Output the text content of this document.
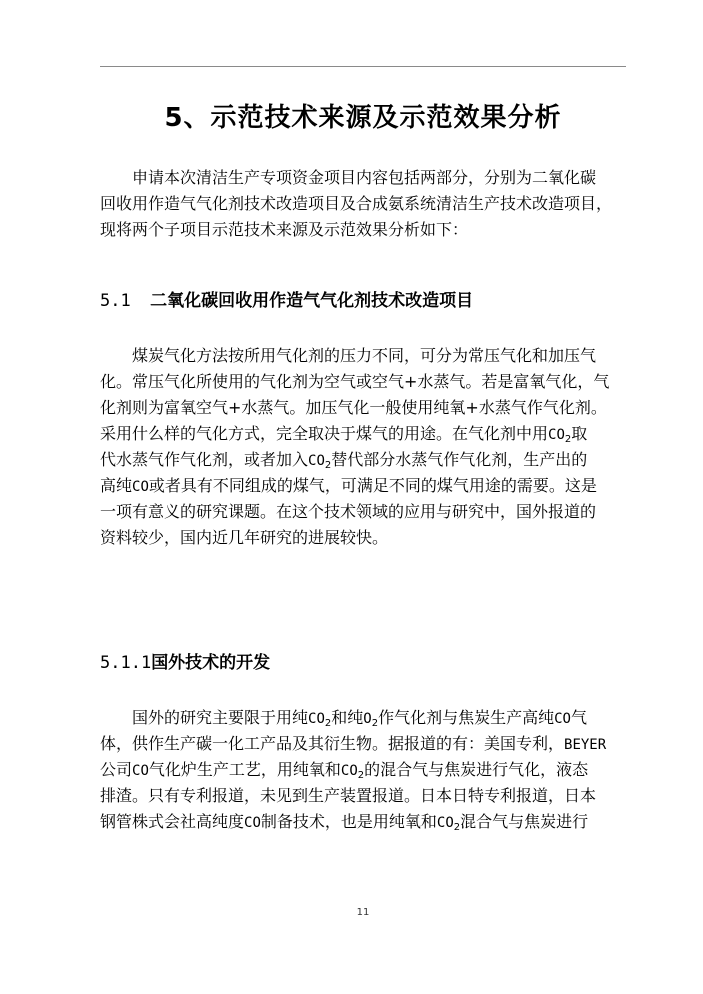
5、示范技术来源及示范效果分析
申请本次清洁生产专项资金项目内容包括两部分，分别为二氧化碳
回收用作造气气化剂技术改造项目及合成氨系统清洁生产技术改造项目，
现将两个子项目示范技术来源及示范效果分析如下：
5.1 二氧化碳回收用作造气气化剂技术改造项目
煤炭气化方法按所用气化剂的压力不同，可分为常压气化和加压气
化。常压气化所使用的气化剂为空气或空气+水蒸气。若是富氧气化，气
化剂则为富氧空气+水蒸气。加压气化一般使用纯氧+水蒸气作气化剂。
采用什么样的气化方式，完全取决于煤气的用途。在气化剂中用$CO_2$取
代水蒸气作气化剂，或者加入$CO_2$替代部分水蒸气作气化剂，生产出的
高纯CO或者具有不同组成的煤气，可满足不同的煤气用途的需要。这是
一项有意义的研究课题。在这个技术领域的应用与研究中，国外报道的
资料较少，国内近几年研究的进展较快。
5.1.1国外技术的开发
国外的研究主要限于用纯$CO_2$和纯$O_2$作气化剂与焦炭生产高纯CO气
体，供作生产碳一化工产品及其衍生物。据报道的有：美国专利，BEYER
公司CO气化炉生产工艺，用纯氧和$CO_2$的混合气与焦炭进行气化，液态
排渣。只有专利报道，未见到生产装置报道。日本日特专利报道，日本
钢管株式会社高纯度CO制备技术，也是用纯氧和$CO_2$混合气与焦炭进行
11
